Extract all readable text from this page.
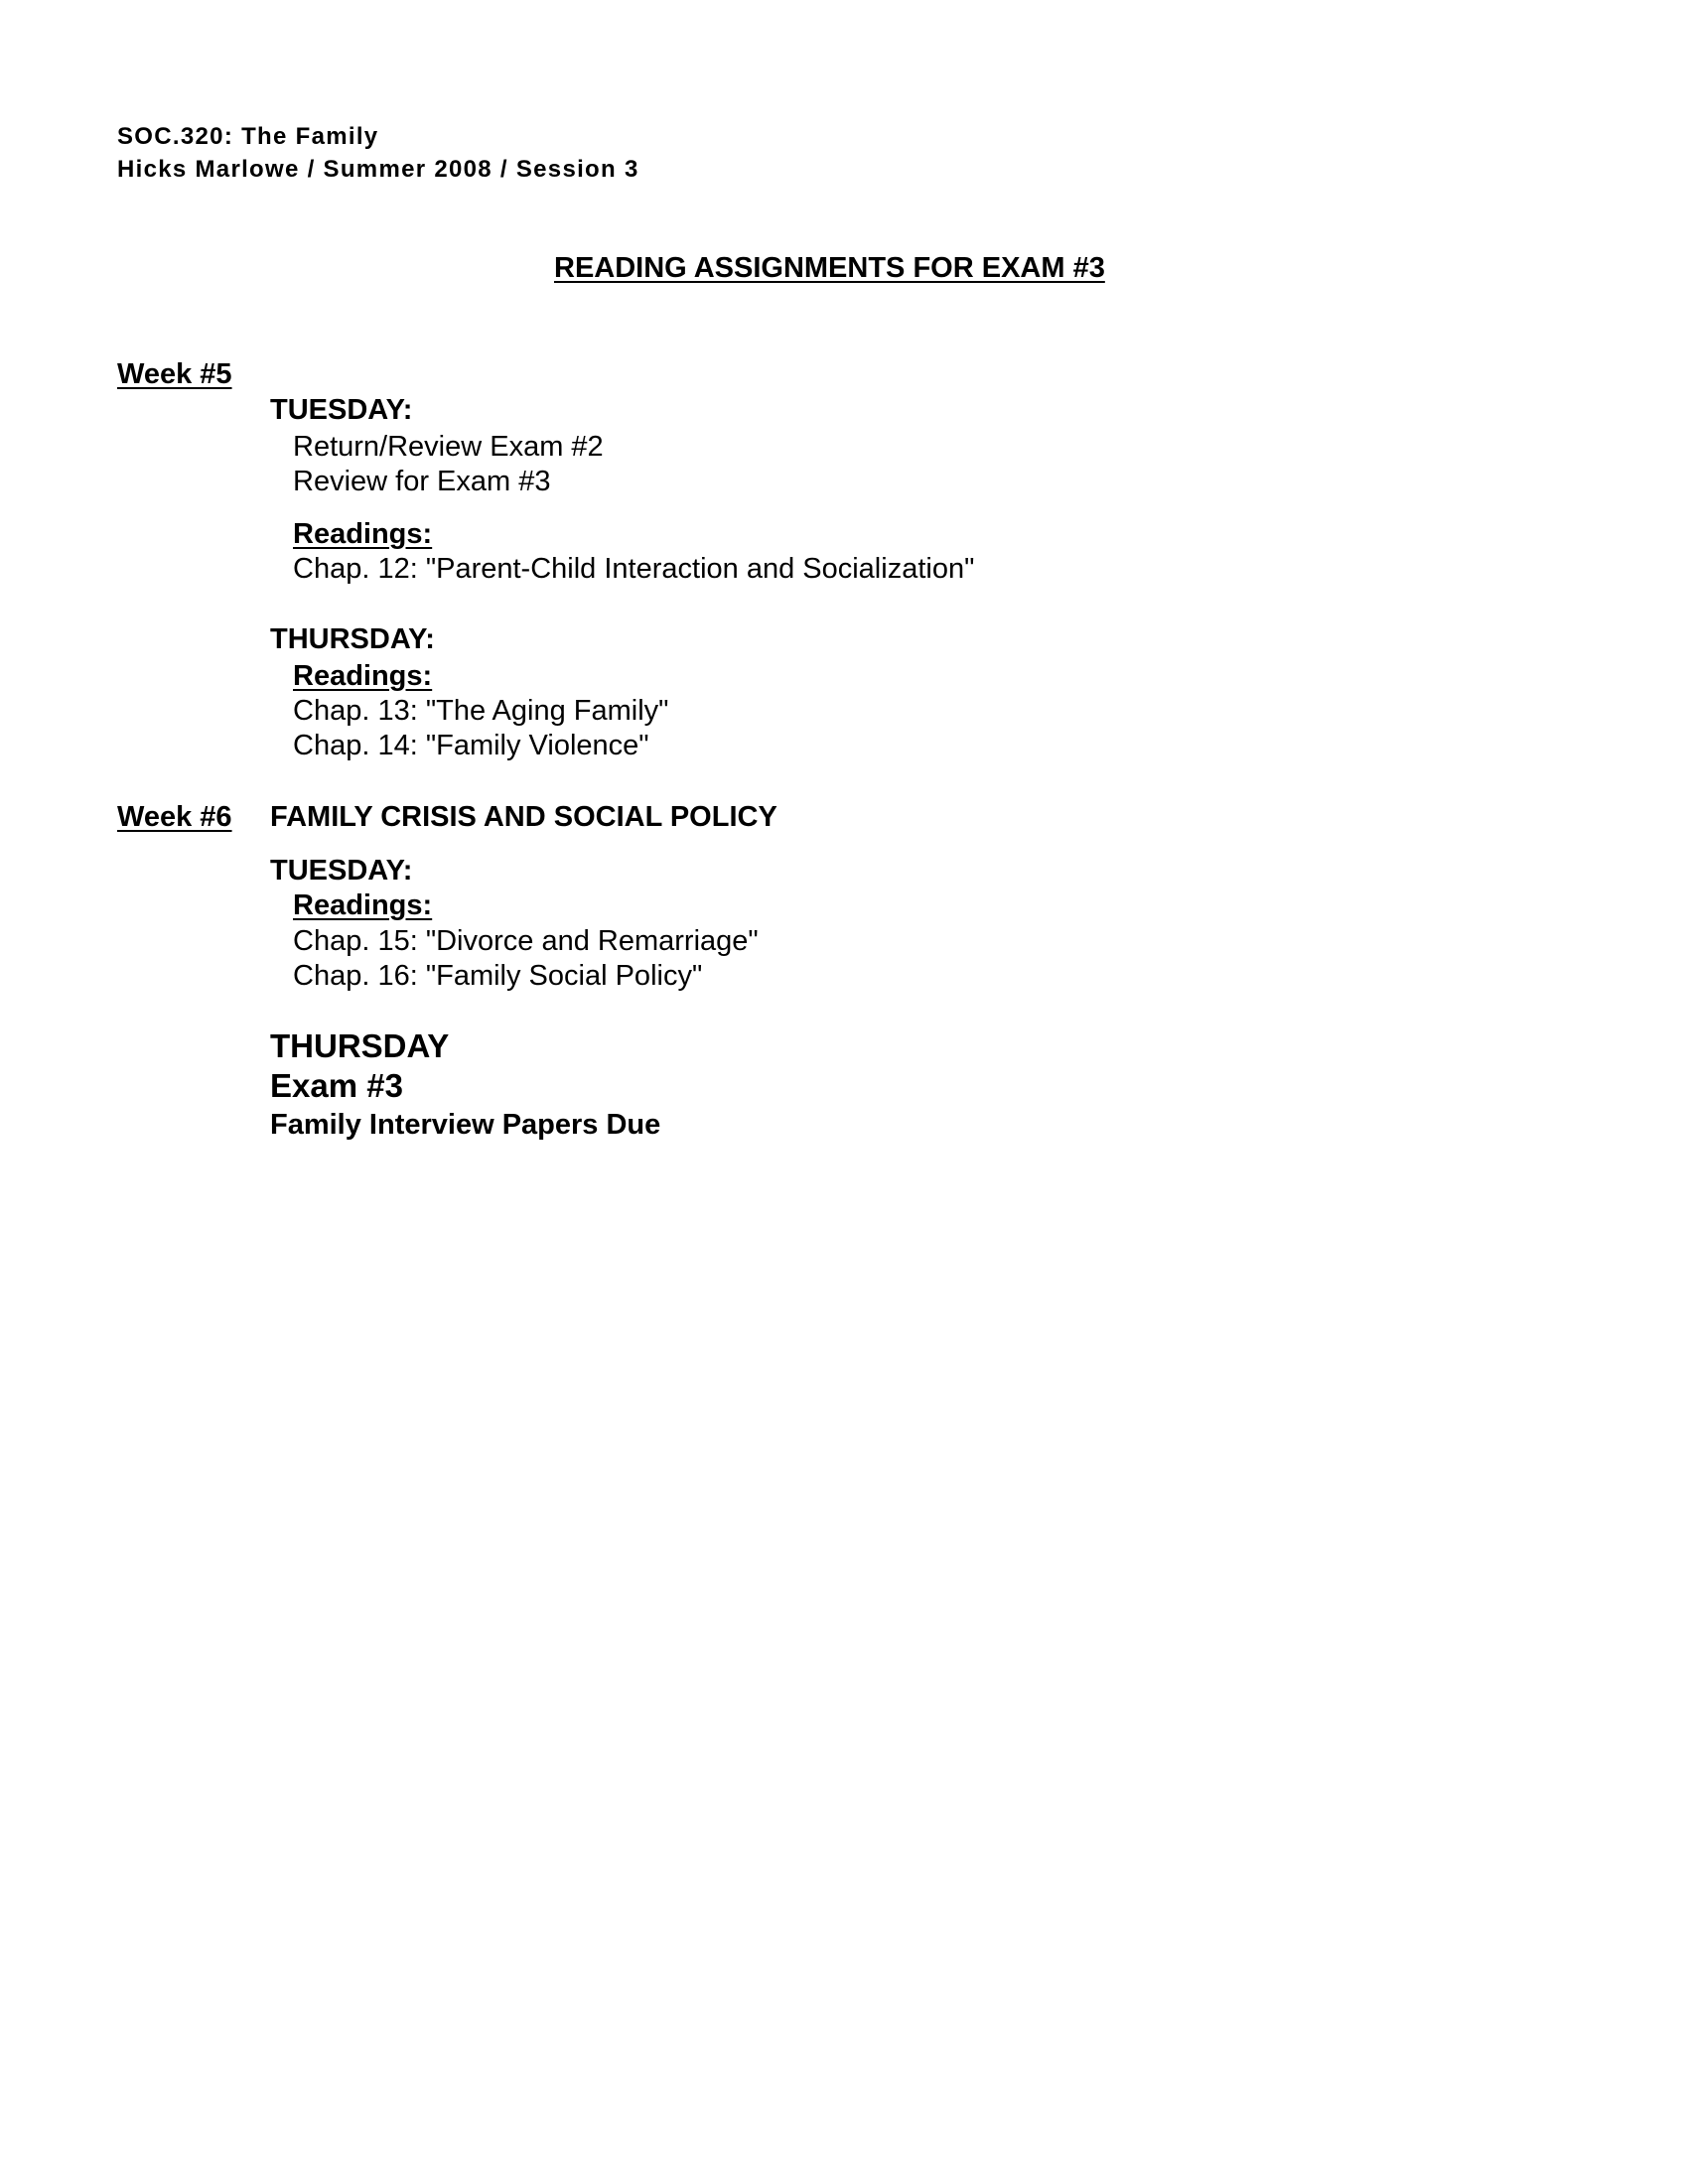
SOC.320: The Family
Hicks Marlowe / Summer 2008 / Session 3
READING ASSIGNMENTS FOR EXAM #3
Week #5
TUESDAY:
Return/Review Exam #2
Review for Exam #3
Readings:
Chap. 12: "Parent-Child Interaction and Socialization"
THURSDAY:
Readings:
Chap. 13: "The Aging Family"
Chap. 14: "Family Violence"
Week #6 FAMILY CRISIS AND SOCIAL POLICY
TUESDAY:
Readings:
Chap. 15: "Divorce and Remarriage"
Chap. 16: "Family Social Policy"
THURSDAY
Exam #3
Family Interview Papers Due
